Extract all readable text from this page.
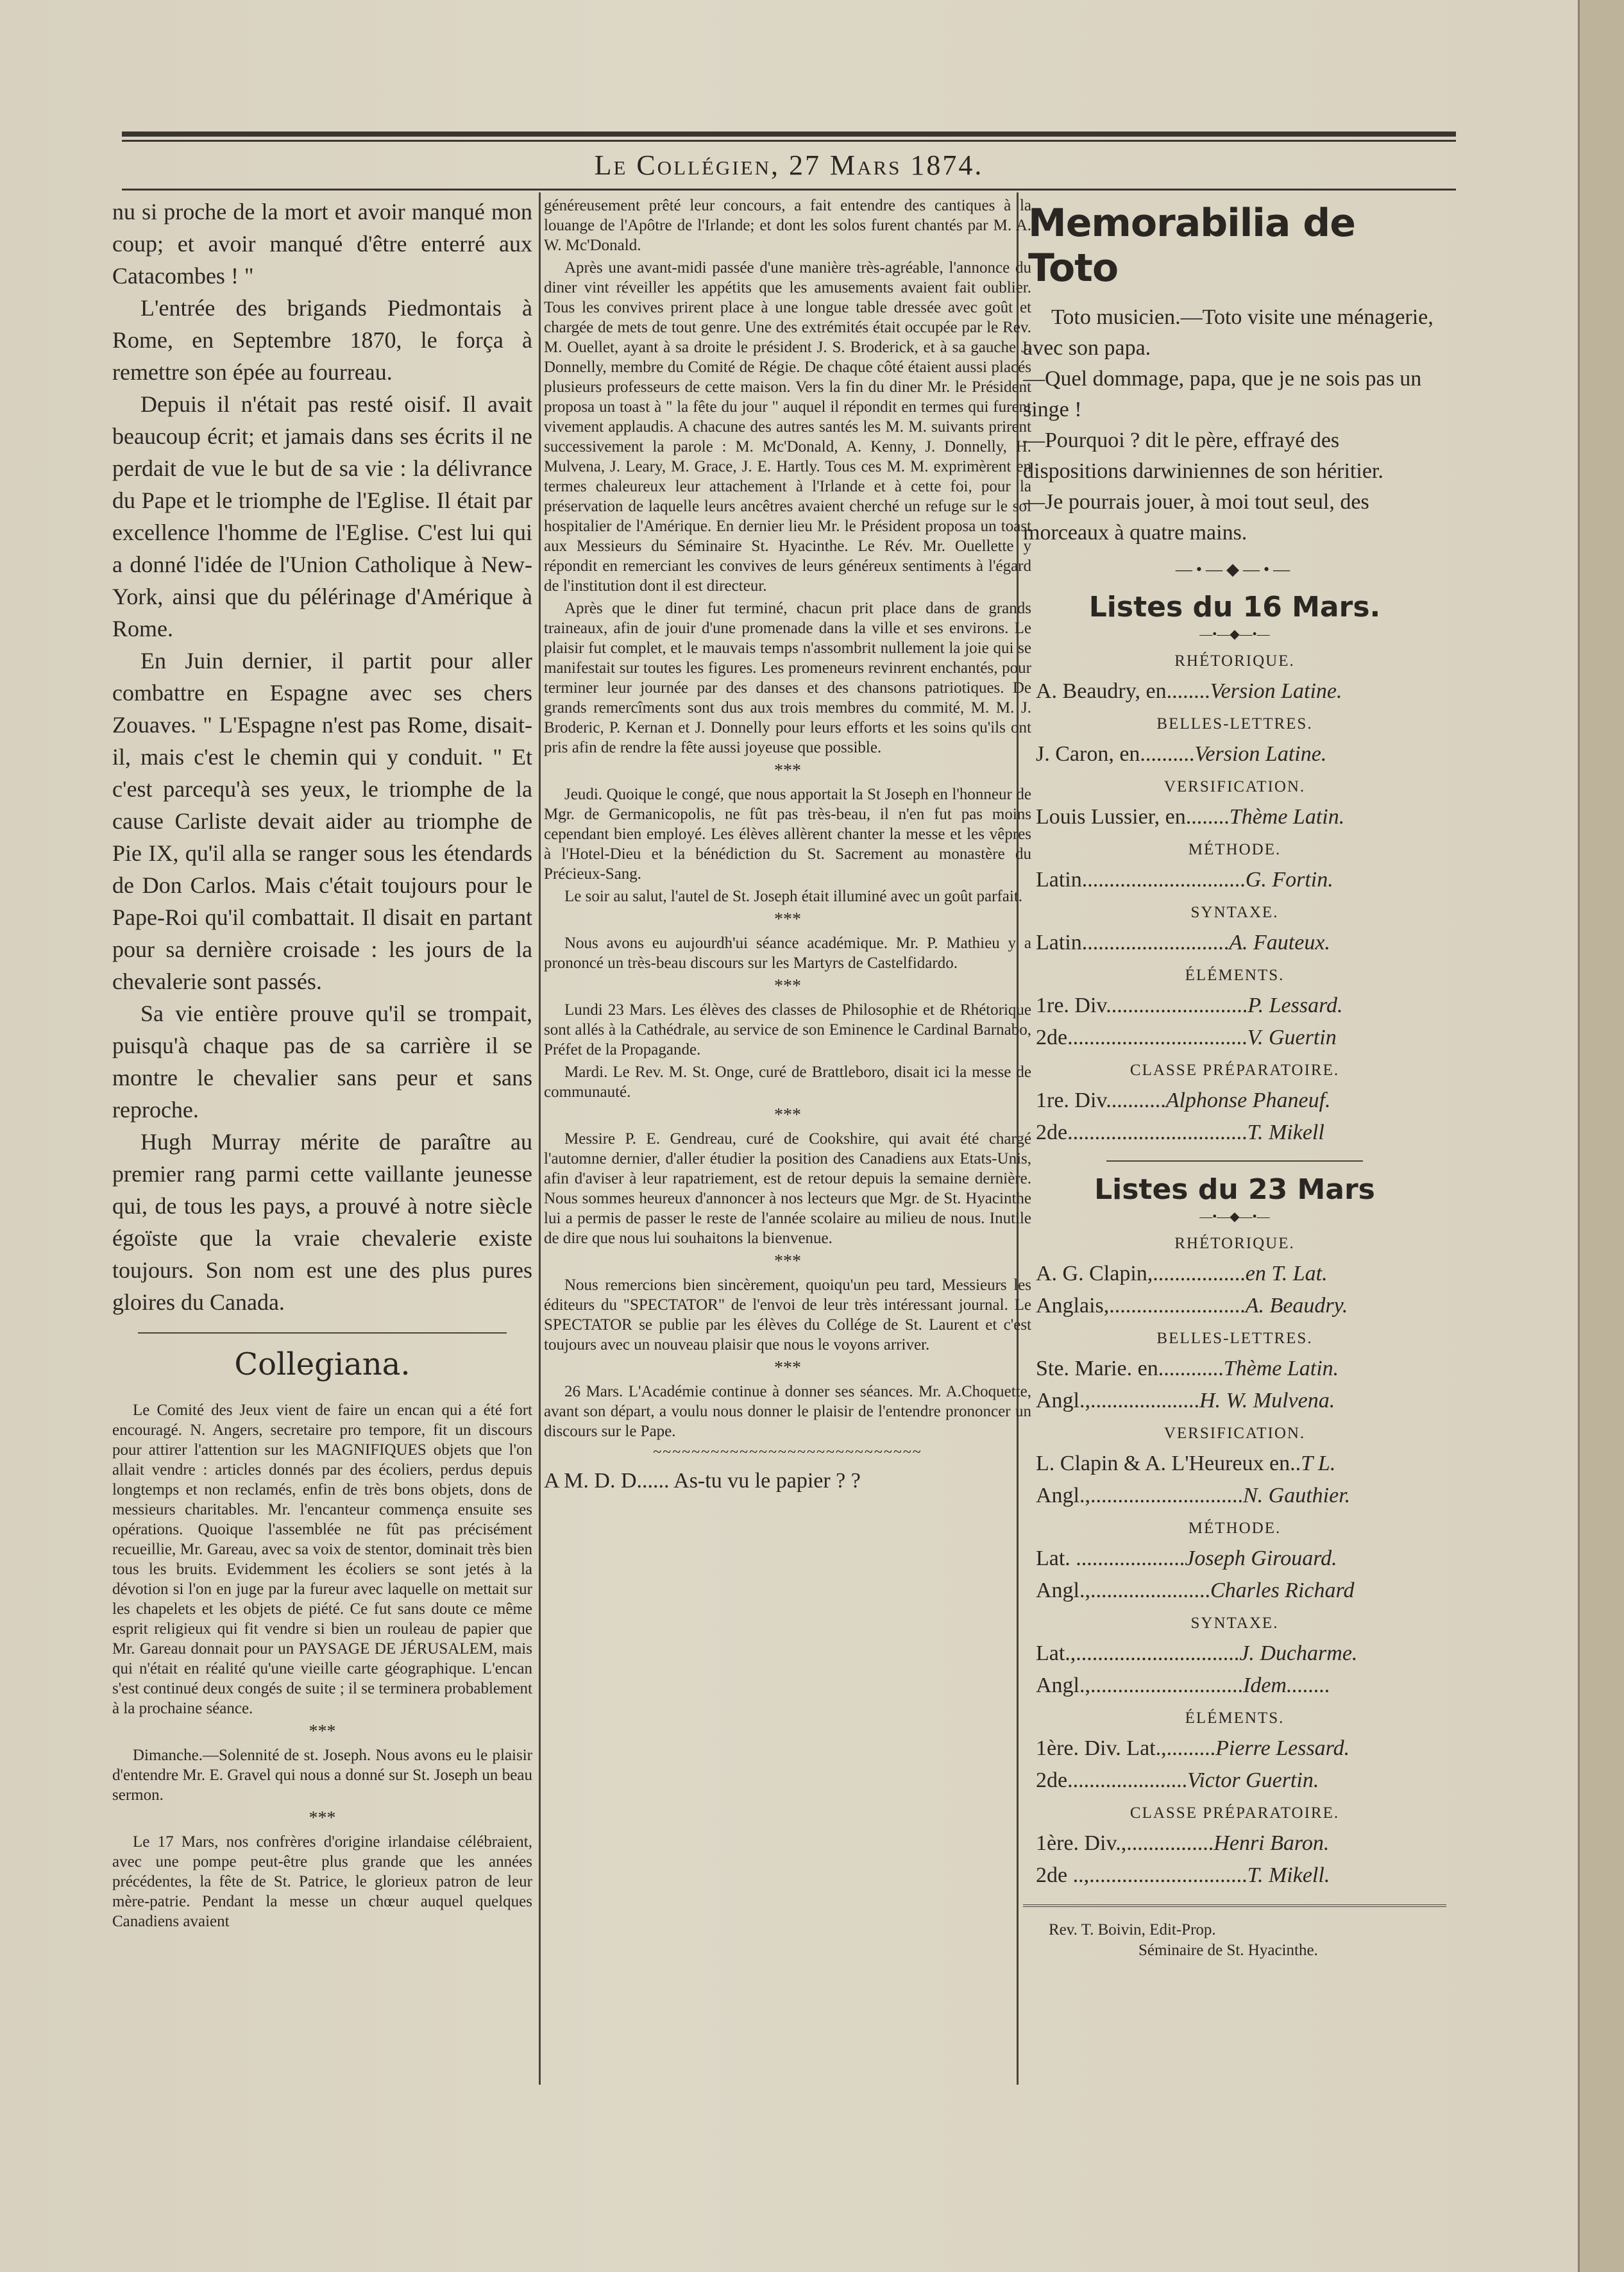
Le Collégien, 27 Mars 1874.

nu si proche de la mort et avoir manqué mon coup; et avoir manqué d'être enterré aux Catacombes ! "

L'entrée des brigands Piedmontais à Rome, en Septembre 1870, le força à remettre son épée au fourreau.

Depuis il n'était pas resté oisif. Il avait beaucoup écrit; et jamais dans ses écrits il ne perdait de vue le but de sa vie : la délivrance du Pape et le triomphe de l'Eglise. Il était par excellence l'homme de l'Eglise. C'est lui qui a donné l'idée de l'Union Catholique à New-York, ainsi que du pélérinage d'Amérique à Rome.

En Juin dernier, il partit pour aller combattre en Espagne avec ses chers Zouaves. " L'Espagne n'est pas Rome, disait-il, mais c'est le chemin qui y conduit. " Et c'est parcequ'à ses yeux, le triomphe de la cause Carliste devait aider au triomphe de Pie IX, qu'il alla se ranger sous les étendards de Don Carlos. Mais c'était toujours pour le Pape-Roi qu'il combattait. Il disait en partant pour sa dernière croisade : les jours de la chevalerie sont passés.

Sa vie entière prouve qu'il se trompait, puisqu'à chaque pas de sa carrière il se montre le chevalier sans peur et sans reproche.

Hugh Murray mérite de paraître au premier rang parmi cette vaillante jeunesse qui, de tous les pays, a prouvé à notre siècle égoïste que la vraie chevalerie existe toujours. Son nom est une des plus pures gloires du Canada.

Collegiana.

Le Comité des Jeux vient de faire un encan qui a été fort encouragé. N. Angers, secretaire pro tempore, fit un discours pour attirer l'attention sur les MAGNIFIQUES objets que l'on allait vendre : articles donnés par des écoliers, perdus depuis longtemps et non reclamés, enfin de très bons objets, dons de messieurs charitables. Mr. l'encanteur commença ensuite ses opérations. Quoique l'assemblée ne fût pas précisément recueillie, Mr. Gareau, avec sa voix de stentor, dominait très bien tous les bruits. Evidemment les écoliers se sont jetés à la dévotion si l'on en juge par la fureur avec laquelle on mettait sur les chapelets et les objets de piété. Ce fut sans doute ce même esprit religieux qui fit vendre si bien un rouleau de papier que Mr. Gareau donnait pour un PAYSAGE DE JÉRUSALEM, mais qui n'était en réalité qu'une vieille carte géographique. L'encan s'est continué deux congés de suite ; il se terminera probablement à la prochaine séance.

***

Dimanche.—Solennité de st. Joseph. Nous avons eu le plaisir d'entendre Mr. E. Gravel qui nous a donné sur St. Joseph un beau sermon.

***

Le 17 Mars, nos confrères d'origine irlandaise célébraient, avec une pompe peut-être plus grande que les années précédentes, la fête de St. Patrice, le glorieux patron de leur mère-patrie. Pendant la messe un chœur auquel quelques Canadiens avaient

généreusement prêté leur concours, a fait entendre des cantiques à la louange de l'Apôtre de l'Irlande; et dont les solos furent chantés par M. A. W. Mc'Donald.

Après une avant-midi passée d'une manière très-agréable, l'annonce du diner vint réveiller les appétits que les amusements avaient fait oublier. Tous les convives prirent place à une longue table dressée avec goût et chargée de mets de tout genre. Une des extrémités était occupée par le Rev. M. Ouellet, ayant à sa droite le président J. S. Broderick, et à sa gauche J. Donnelly, membre du Comité de Régie. De chaque côté étaient aussi placés plusieurs professeurs de cette maison. Vers la fin du diner Mr. le Président proposa un toast à " la fête du jour " auquel il répondit en termes qui furent vivement applaudis. A chacune des autres santés les M. M. suivants prirent successivement la parole : M. Mc'Donald, A. Kenny, J. Donnelly, H. Mulvena, J. Leary, M. Grace, J. E. Hartly. Tous ces M. M. exprimèrent en termes chaleureux leur attachement à l'Irlande et à cette foi, pour la préservation de laquelle leurs ancêtres avaient cherché un refuge sur le sol hospitalier de l'Amérique. En dernier lieu Mr. le Président proposa un toast aux Messieurs du Séminaire St. Hyacinthe. Le Rév. Mr. Ouellette y répondit en remerciant les convives de leurs généreux sentiments à l'égard de l'institution dont il est directeur.

Après que le diner fut terminé, chacun prit place dans de grands traineaux, afin de jouir d'une promenade dans la ville et ses environs. Le plaisir fut complet, et le mauvais temps n'assombrit nullement la joie qui se manifestait sur toutes les figures. Les promeneurs revinrent enchantés, pour terminer leur journée par des danses et des chansons patriotiques. De grands remercîments sont dus aux trois membres du commité, M. M. J. Broderic, P. Kernan et J. Donnelly pour leurs efforts et les soins qu'ils ont pris afin de rendre la fête aussi joyeuse que possible.

***

Jeudi. Quoique le congé, que nous apportait la St Joseph en l'honneur de Mgr. de Germanicopolis, ne fût pas très-beau, il n'en fut pas moins cependant bien employé. Les élèves allèrent chanter la messe et les vêpres à l'Hotel-Dieu et la bénédiction du St. Sacrement au monastère du Précieux-Sang.

Le soir au salut, l'autel de St. Joseph était illuminé avec un goût parfait.

***

Nous avons eu aujourdh'ui séance académique. Mr. P. Mathieu y a prononcé un très-beau discours sur les Martyrs de Castelfidardo.

***

Lundi 23 Mars. Les élèves des classes de Philosophie et de Rhétorique sont allés à la Cathédrale, au service de son Eminence le Cardinal Barnabo, Préfet de la Propagande.

Mardi. Le Rev. M. St. Onge, curé de Brattleboro, disait ici la messe de communauté.

***

Messire P. E. Gendreau, curé de Cookshire, qui avait été chargé l'automne dernier, d'aller étudier la position des Canadiens aux Etats-Unis, afin d'aviser à leur rapatriement, est de retour depuis la semaine dernière. Nous sommes heureux d'annoncer à nos lecteurs que Mgr. de St. Hyacinthe lui a permis de passer le reste de l'année scolaire au milieu de nous. Inutile de dire que nous lui souhaitons la bienvenue.

***

Nous remercions bien sincèrement, quoiqu'un peu tard, Messieurs les éditeurs du "SPECTATOR" de l'envoi de leur très intéressant journal. Le SPECTATOR se publie par les élèves du Collége de St. Laurent et c'est toujours avec un nouveau plaisir que nous le voyons arriver.

***

26 Mars. L'Académie continue à donner ses séances. Mr. A.Choquette, avant son départ, a voulu nous donner le plaisir de l'entendre prononcer un discours sur le Pape.

~~~~~~~~~~~~~~~~~~~~~~~~~~~~
A M. D. D...... As-tu vu le papier ? ?
Memorabilia de Toto

Toto musicien.—Toto visite une ménagerie, avec son papa.

—Quel dommage, papa, que je ne sois pas un singe !

—Pourquoi ? dit le père, effrayé des dispositions darwiniennes de son héritier.

—Je pourrais jouer, à moi tout seul, des morceaux à quatre mains.

—•—◆—•—
Listes du 16 Mars.
—•—◆—•—
RHÉTORIQUE.
A. Beaudry, en........Version Latine.
BELLES-LETTRES.
J. Caron, en..........Version Latine.
VERSIFICATION.
Louis Lussier, en........Thème Latin.
MÉTHODE.
Latin..............................G. Fortin.
SYNTAXE.
Latin...........................A. Fauteux.
ÉLÉMENTS.
1re. Div..........................P. Lessard.
2de.................................V. Guertin
CLASSE PRÉPARATOIRE.
1re. Div...........Alphonse Phaneuf.
2de.................................T. Mikell
Listes du 23 Mars
—•—◆—•—
RHÉTORIQUE.
A. G. Clapin,.................en T. Lat.
Anglais,.........................A. Beaudry.
BELLES-LETTRES.
Ste. Marie. en............Thème Latin.
Angl.,....................H. W. Mulvena.
VERSIFICATION.
L. Clapin & A. L'Heureux en..T L.
Angl.,............................N. Gauthier.
MÉTHODE.
Lat. ....................Joseph Girouard.
Angl.,......................Charles Richard
SYNTAXE.
Lat.,..............................J. Ducharme.
Angl.,............................Idem........
ÉLÉMENTS.
1ère. Div. Lat.,.........Pierre Lessard.
2de......................Victor Guertin.
CLASSE PRÉPARATOIRE.
1ère. Div.,................Henri Baron.
2de ..,.............................T. Mikell.
Rev. T. Boivin, Edit-Prop.
Séminaire de St. Hyacinthe.
